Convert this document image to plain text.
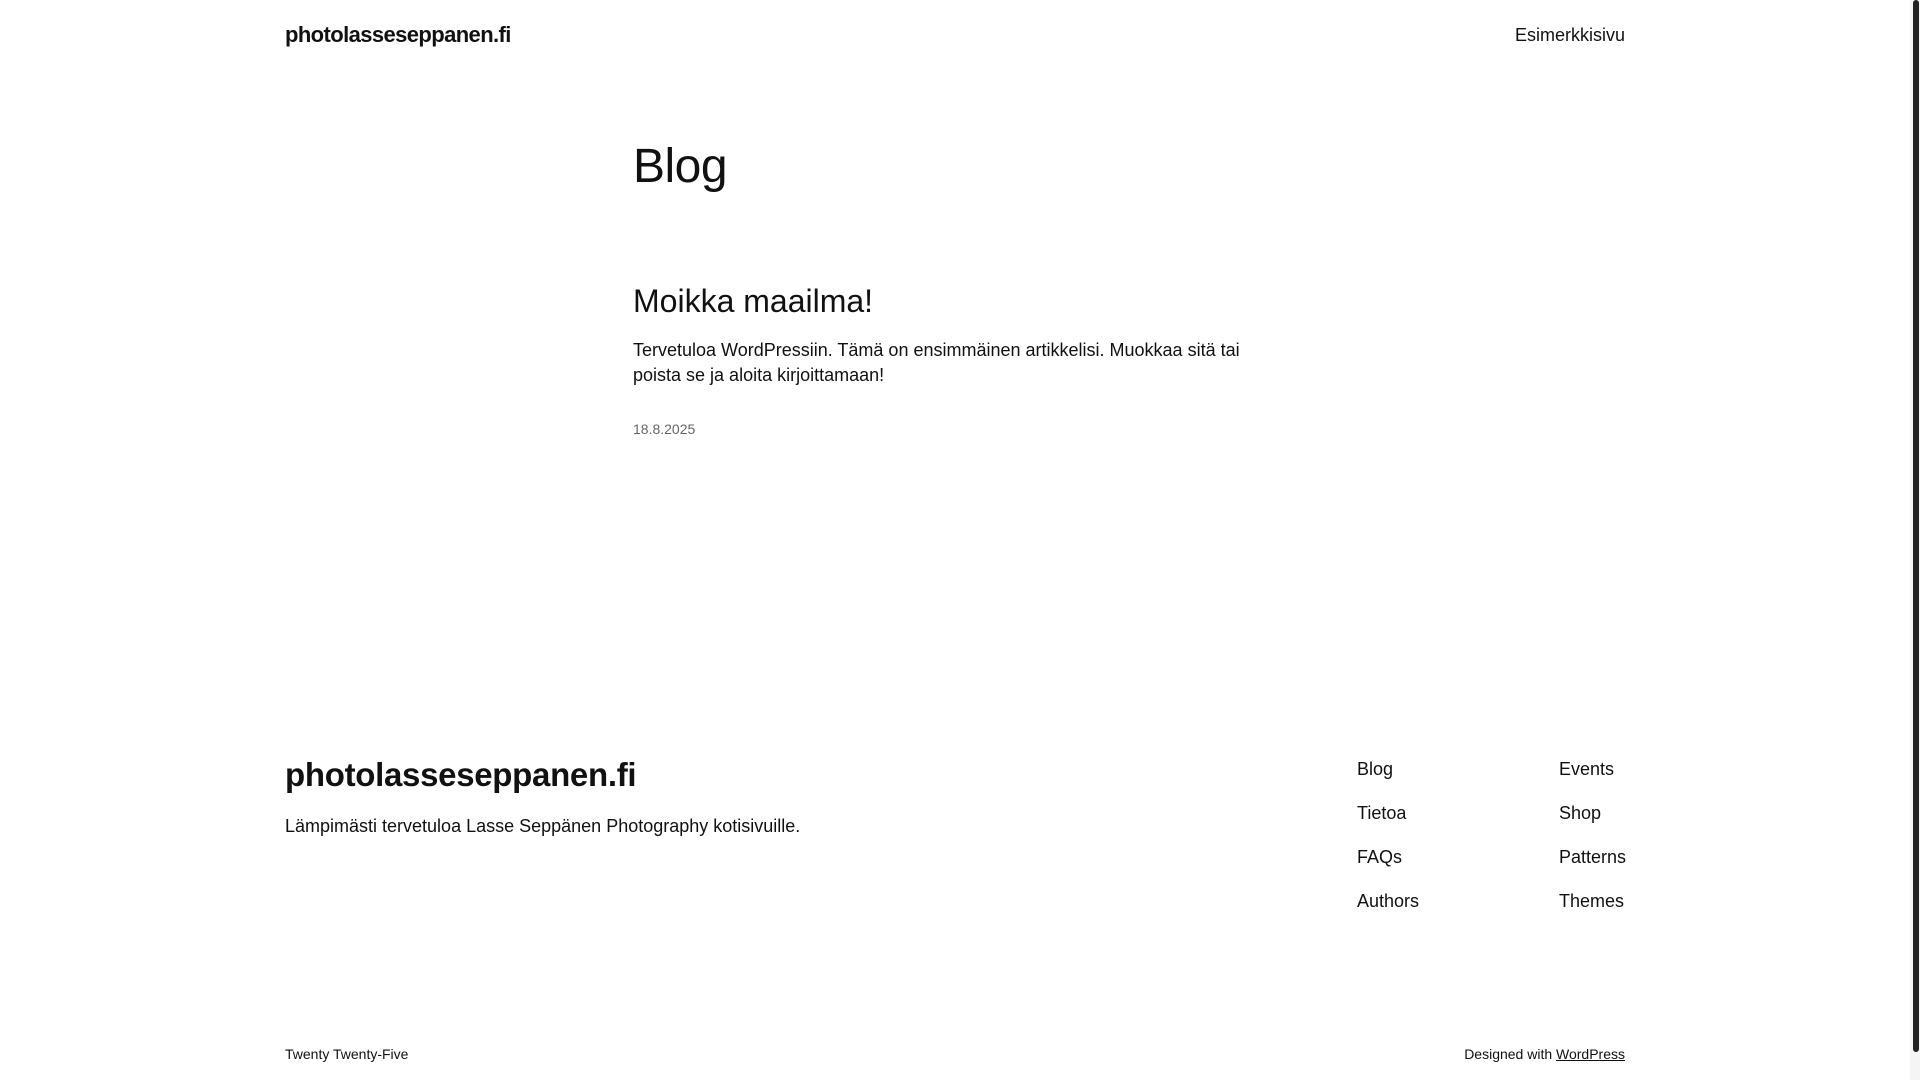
photolasseseppanen.fi	Esimerkkisivu
Blog
Moikka maailma!

Tervetuloa WordPressiin. Tämä on ensimmäinen artikkelisi. Muokkaa sitä tai poista se ja aloita kirjoittamaan!

18.8.2025
photolasseseppanen.fi

Lämpimästi tervetuloa Lasse Seppänen Photography kotisivuille.

Blog
Tietoa
FAQs
Authors
Events
Shop
Patterns
Themes
Twenty Twenty-Five	Designed with WordPress
